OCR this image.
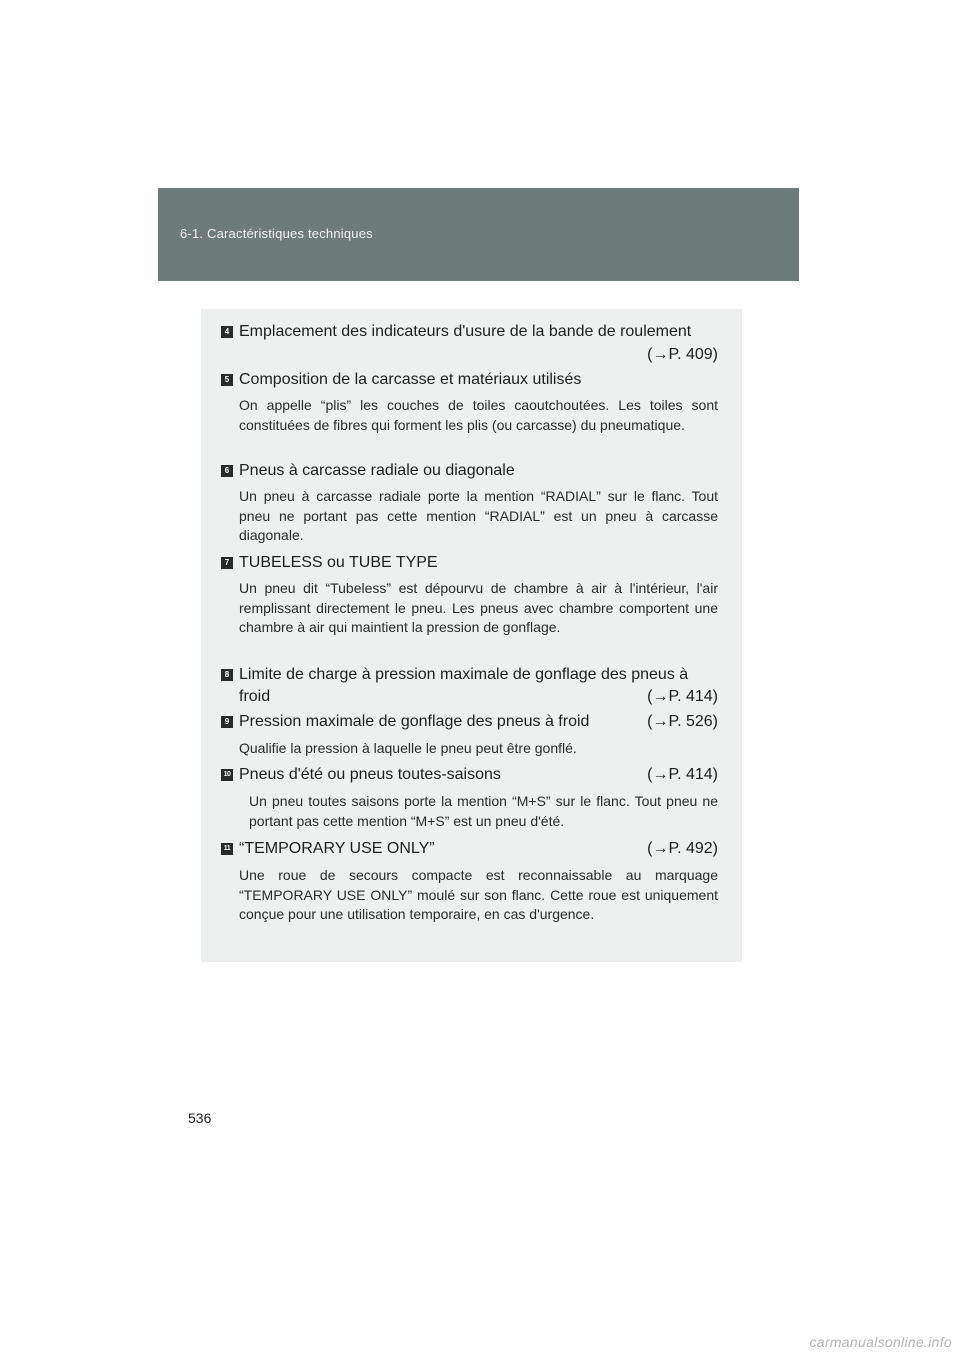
6-1. Caractéristiques techniques
4 Emplacement des indicateurs d'usure de la bande de roulement
(→P. 409)
5 Composition de la carcasse et matériaux utilisés
On appelle “plis” les couches de toiles caoutchoutées. Les toiles sont constituées de fibres qui forment les plis (ou carcasse) du pneumatique.
6 Pneus à carcasse radiale ou diagonale
Un pneu à carcasse radiale porte la mention “RADIAL” sur le flanc. Tout pneu ne portant pas cette mention “RADIAL” est un pneu à carcasse diagonale.
7 TUBELESS ou TUBE TYPE
Un pneu dit “Tubeless” est dépourvu de chambre à air à l'intérieur, l'air remplissant directement le pneu. Les pneus avec chambre comportent une chambre à air qui maintient la pression de gonflage.
8 Limite de charge à pression maximale de gonflage des pneus à froid	(→P. 414)
9 Pression maximale de gonflage des pneus à froid	(→P. 526)
Qualifie la pression à laquelle le pneu peut être gonflé.
10 Pneus d'été ou pneus toutes-saisons	(→P. 414)
Un pneu toutes saisons porte la mention “M+S” sur le flanc. Tout pneu ne portant pas cette mention “M+S” est un pneu d'été.
11 “TEMPORARY USE ONLY”	(→P. 492)
Une roue de secours compacte est reconnaissable au marquage “TEMPORARY USE ONLY” moulé sur son flanc. Cette roue est uniquement conçue pour une utilisation temporaire, en cas d'urgence.
536
carmanualsonline.info
